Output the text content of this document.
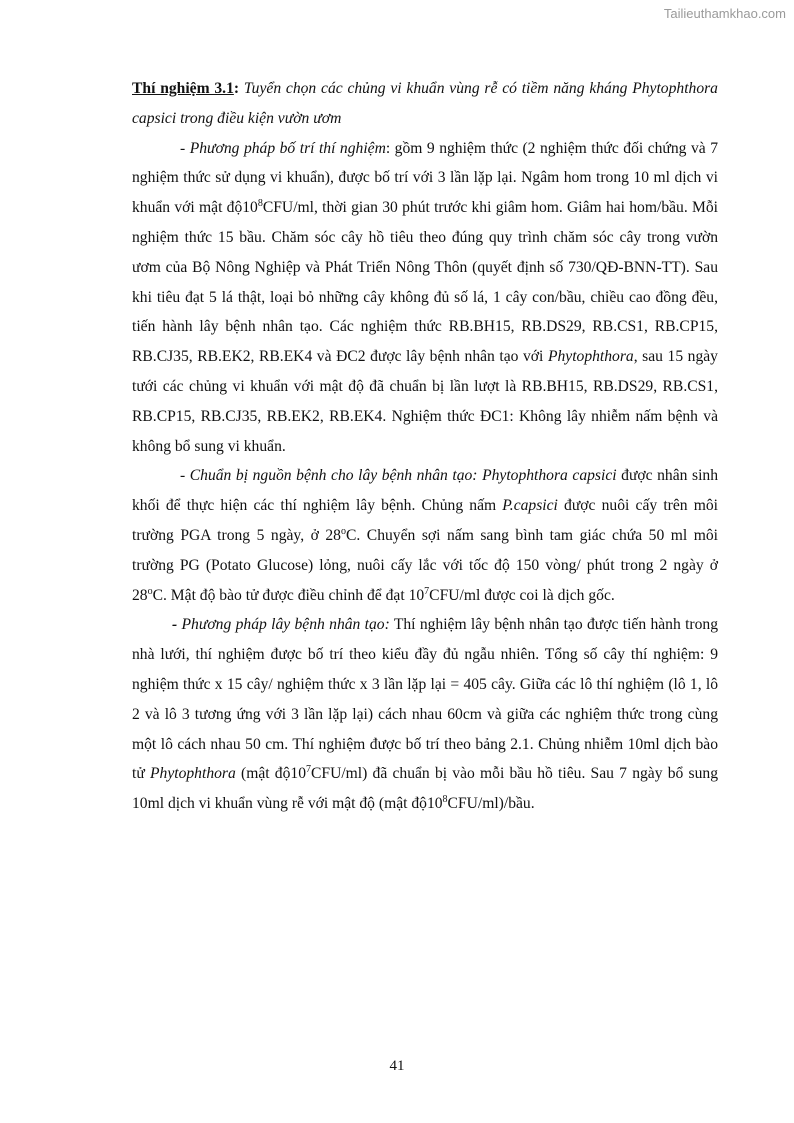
Tailieuthamkhao.com

Thí nghiệm 3.1: Tuyển chọn các chủng vi khuẩn vùng rễ có tiềm năng kháng Phytophthora capsici trong điều kiện vườn ươm

- Phương pháp bố trí thí nghiệm: gồm 9 nghiệm thức (2 nghiệm thức đối chứng và 7 nghiệm thức sử dụng vi khuẩn), được bố trí với 3 lần lặp lại. Ngâm hom trong 10 ml dịch vi khuẩn với mật $độ10^8CFU/ml$, thời gian 30 phút trước khi giâm hom. Giâm hai hom/bầu. Mỗi nghiệm thức 15 bầu. Chăm sóc cây hồ tiêu theo đúng quy trình chăm sóc cây trong vườn ươm của Bộ Nông Nghiệp và Phát Triển Nông Thôn (quyết định số 730/QĐ-BNN-TT). Sau khi tiêu đạt 5 lá thật, loại bỏ những cây không đủ số lá, 1 cây con/bầu, chiều cao đồng đều, tiến hành lây bệnh nhân tạo. Các nghiệm thức RB.BH15, RB.DS29, RB.CS1, RB.CP15, RB.CJ35, RB.EK2, RB.EK4 và ĐC2 được lây bệnh nhân tạo với Phytophthora, sau 15 ngày tưới các chủng vi khuẩn với mật độ đã chuẩn bị lần lượt là RB.BH15, RB.DS29, RB.CS1, RB.CP15, RB.CJ35, RB.EK2, RB.EK4. Nghiệm thức ĐC1: Không lây nhiễm nấm bệnh và không bổ sung vi khuẩn.

- Chuẩn bị nguồn bệnh cho lây bệnh nhân tạo: Phytophthora capsici được nhân sinh khối để thực hiện các thí nghiệm lây bệnh. Chủng nấm P.capsici được nuôi cấy trên môi trường PGA trong 5 ngày, ở 28$^o$C. Chuyển sợi nấm sang bình tam giác chứa 50 ml môi trường PG (Potato Glucose) lỏng, nuôi cấy lắc với tốc độ 150 vòng/ phút trong 2 ngày ở 28$^o$C. Mật độ bào tử được điều chỉnh để đạt $10^7CFU/ml$ được coi là dịch gốc.

- Phương pháp lây bệnh nhân tạo: Thí nghiệm lây bệnh nhân tạo được tiến hành trong nhà lưới, thí nghiệm được bố trí theo kiểu đầy đủ ngẫu nhiên. Tổng số cây thí nghiệm: 9 nghiệm thức x 15 cây/ nghiệm thức x 3 lần lặp lại = 405 cây. Giữa các lô thí nghiệm (lô 1, lô 2 và lô 3 tương ứng với 3 lần lặp lại) cách nhau 60cm và giữa các nghiệm thức trong cùng một lô cách nhau 50 cm. Thí nghiệm được bố trí theo bảng 2.1. Chủng nhiễm 10ml dịch bào tử Phytophthora (mật $độ10^7CFU/ml$) đã chuẩn bị vào mỗi bầu hồ tiêu. Sau 7 ngày bổ sung 10ml dịch vi khuẩn vùng rễ với mật độ (mật $độ10^8CFU/ml$)/bầu.

41
